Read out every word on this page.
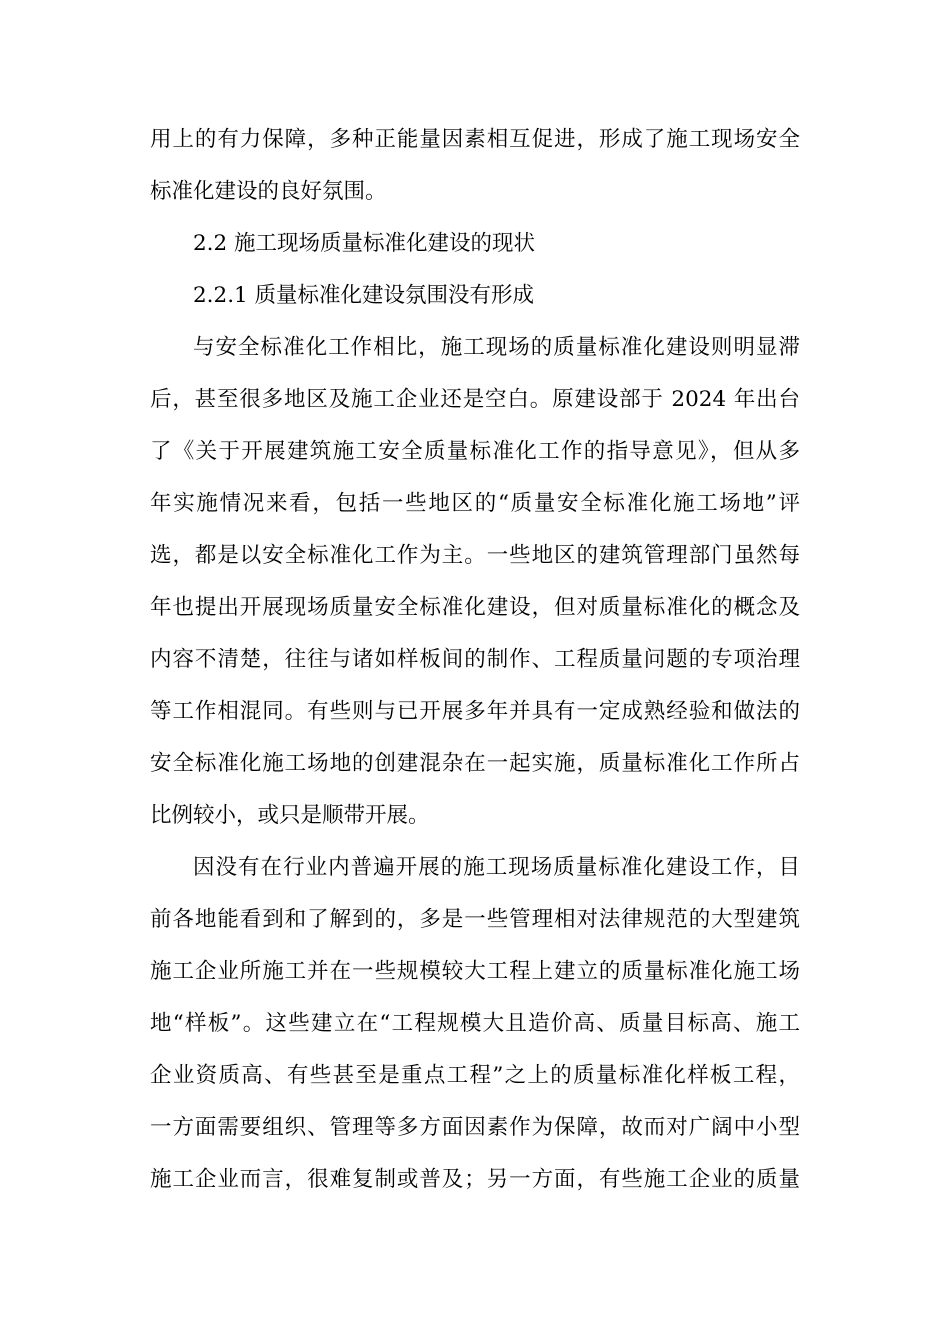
用上的有力保障，多种正能量因素相互促进，形成了施工现场安全
标准化建设的良好氛围。
2.2 施工现场质量标准化建设的现状
2.2.1 质量标准化建设氛围没有形成
与安全标准化工作相比，施工现场的质量标准化建设则明显滞
后，甚至很多地区及施工企业还是空白。原建设部于 2024 年出台
了《关于开展建筑施工安全质量标准化工作的指导意见》，但从多
年实施情况来看，包括一些地区的“质量安全标准化施工场地”评
选，都是以安全标准化工作为主。一些地区的建筑管理部门虽然每
年也提出开展现场质量安全标准化建设，但对质量标准化的概念及
内容不清楚，往往与诸如样板间的制作、工程质量问题的专项治理
等工作相混同。有些则与已开展多年并具有一定成熟经验和做法的
安全标准化施工场地的创建混杂在一起实施，质量标准化工作所占
比例较小，或只是顺带开展。
因没有在行业内普遍开展的施工现场质量标准化建设工作，目
前各地能看到和了解到的，多是一些管理相对法律规范的大型建筑
施工企业所施工并在一些规模较大工程上建立的质量标准化施工场
地“样板”。这些建立在“工程规模大且造价高、质量目标高、施工
企业资质高、有些甚至是重点工程”之上的质量标准化样板工程，
一方面需要组织、管理等多方面因素作为保障，故而对广阔中小型
施工企业而言，很难复制或普及；另一方面，有些施工企业的质量
